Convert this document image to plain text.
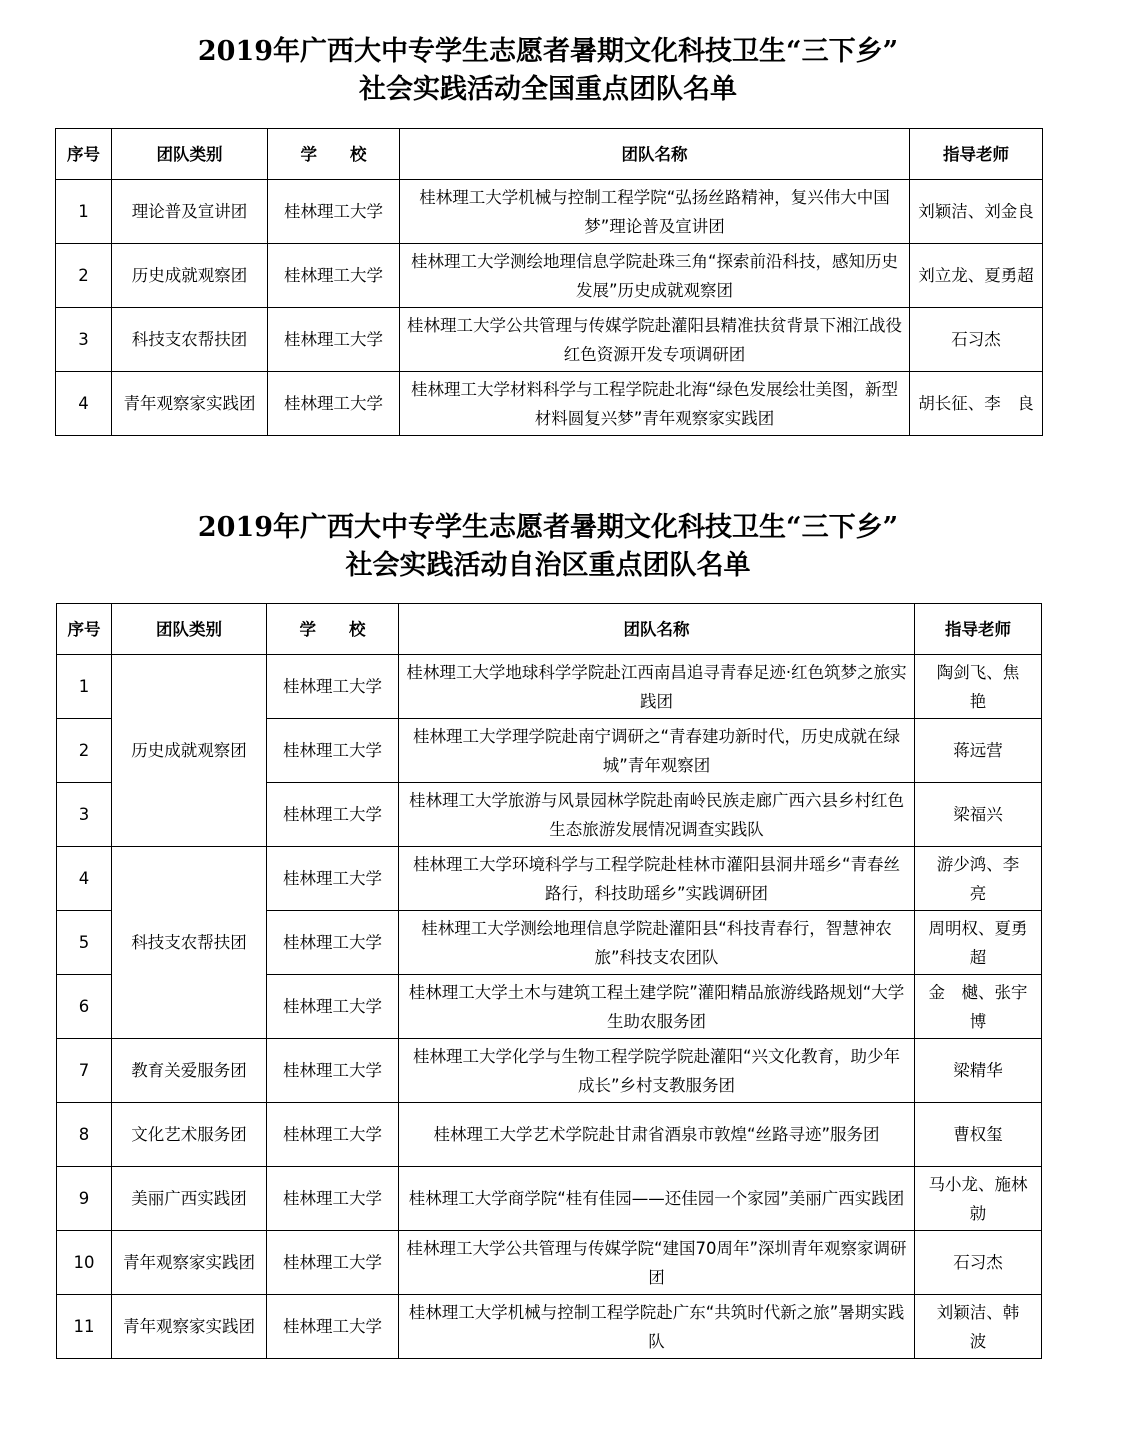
2019年广西大中专学生志愿者暑期文化科技卫生“三下乡”
社会实践活动全国重点团队名单
序号	团队类别	学　　校	团队名称	指导老师
1	理论普及宣讲团	桂林理工大学	桂林理工大学机械与控制工程学院“弘扬丝路精神，复兴伟大中国梦”理论普及宣讲团	刘颖洁、刘金良
2	历史成就观察团	桂林理工大学	桂林理工大学测绘地理信息学院赴珠三角“探索前沿科技，感知历史发展”历史成就观察团	刘立龙、夏勇超
3	科技支农帮扶团	桂林理工大学	桂林理工大学公共管理与传媒学院赴灌阳县精准扶贫背景下湘江战役红色资源开发专项调研团	石习杰
4	青年观察家实践团	桂林理工大学	桂林理工大学材料科学与工程学院赴北海“绿色发展绘壮美图，新型材料圆复兴梦”青年观察家实践团	胡长征、李　良
2019年广西大中专学生志愿者暑期文化科技卫生“三下乡”
社会实践活动自治区重点团队名单
序号	团队类别	学　　校	团队名称	指导老师
1	历史成就观察团	桂林理工大学	桂林理工大学地球科学学院赴江西南昌追寻青春足迹·红色筑梦之旅实践团	陶剑飞、焦　艳
2		桂林理工大学	桂林理工大学理学院赴南宁调研之“青春建功新时代，历史成就在绿城”青年观察团	蒋远营
3		桂林理工大学	桂林理工大学旅游与风景园林学院赴南岭民族走廊广西六县乡村红色生态旅游发展情况调查实践队	梁福兴
4	科技支农帮扶团	桂林理工大学	桂林理工大学环境科学与工程学院赴桂林市灌阳县洞井瑶乡“青春丝路行，科技助瑶乡”实践调研团	游少鸿、李　亮
5		桂林理工大学	桂林理工大学测绘地理信息学院赴灌阳县“科技青春行，智慧神农旅”科技支农团队	周明权、夏勇超
6		桂林理工大学	桂林理工大学土木与建筑工程土建学院”灌阳精品旅游线路规划“大学生助农服务团	金　樾、张宇博
7	教育关爱服务团	桂林理工大学	桂林理工大学化学与生物工程学院学院赴灌阳“兴文化教育，助少年成长”乡村支教服务团	梁精华
8	文化艺术服务团	桂林理工大学	桂林理工大学艺术学院赴甘肃省酒泉市敦煌“丝路寻迹”服务团	曹权玺
9	美丽广西实践团	桂林理工大学	桂林理工大学商学院“桂有佳园——还佳园一个家园”美丽广西实践团	马小龙、施林勍
10	青年观察家实践团	桂林理工大学	桂林理工大学公共管理与传媒学院“建国70周年”深圳青年观察家调研团	石习杰
11	青年观察家实践团	桂林理工大学	桂林理工大学机械与控制工程学院赴广东“共筑时代新之旅”暑期实践队	刘颖洁、韩　波
